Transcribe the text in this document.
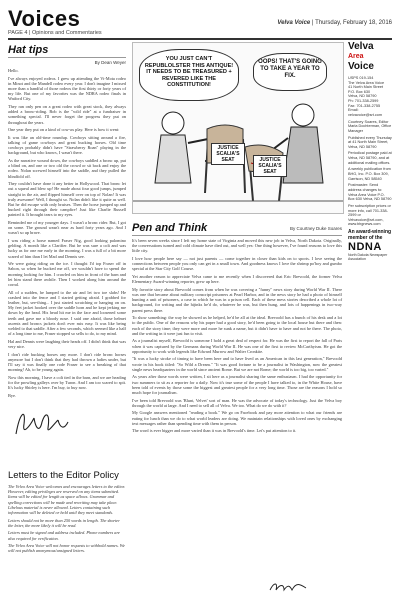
Voices
PAGE 4 | Opinions and Commentaries
Velva Voice | Thursday, February 18, 2016
Hat tips
By Dean Weyer

Hello.

I've always enjoyed rodeos. I grew up attending the Vi-Mota rodeo in Minot and the Mandell rodeo every year. I don't imagine I missed more than a handful of those rodeos the first thirty or forty years of my life. But one of my favorites was the NDRA rodeo finals in Watford City.

They ran only pen on a great rodeo with great stock, they always added a bronc-riding. Bob is the "wild ride" at a fundraiser in something special. I'll never forget the progress they put on throughout the years.

One year they put on a kind of cow-ax play. Here is how it went:

It was like an old-time roundup. Cowboys sitting around a fire, talking of game cowboys and great bucking horses. Old time cowboys probably didn't have "Strawberry Roan" playing in the background, but who knows, I wasn't there.

As the narrative wound down, the cowboys saddled a bronc up, put a blind on, and one or two old the crowd or sit back and enjoy the rodeo. Nolan screwed himself into the saddle, and they pulled the blindfold off.

They couldn't have done it any better in Hollywood. That bronc let out a squeal and blew up! He made about four good jumps, jumped straight in the air, and flipped himself over on top of Nolan! It was truly awesome! Well, I thought so. Nolan didn't like it quite as well. But he did escape with only bruises. Then the horse jumped up and bucked right through their campfire! Just like Charlie Russell painted it. It brought tears to my eyes.

Reminded me of my younger days. I wasn't a bronc rider. But, I got on some. The ground wasn't near as hard forty years ago. And I wasn't so up brave.

I was riding a horse named Fraser Nig, good looking palomino gelding. A month like a Clarifier. But he was sure a colt and was lucky as for one me early in the morning. I was a full of a bit more scared of him than I let Mad and Dennis see.

We were going riding on the ice. I thought I'd top Fraser off in Sabon, so when he bucked me off, we wouldn't have to spend the morning looking for him. I crawled on him in front of the barn and let him stand there awhile. Then I worked along him around the corral.

All of a sudden, he lumped to the air and let two toe slabs! He crashed into the fence and I started getting afraid. I grabbed for leather, but, see-thing... I just started scratching or hanging on on. My feet jacket hooked over the saddle horn and he kept jerking me down by the head. His head hit me in the face and loosened some teeth and gave me a bloody nose. I said one afraid, those helmet ascents and broncs jackets don't ever mix easy. It was like being welded to that saddle. After a few seconds, which seemed like a half of a long time to me, Fraser stopped so sellx to do, to my mind.

Hal and Dennis were laughing their heads off. I didn't think that was very nice.

I don't ride bucking horses any more. I don't ride bronc horses anymore but I don't think that they had thrown a ladies under, but I'll say it was finally one rode Fraser to see a breaking of that morning! Ah, to be young again.

Now this morning, I have a colt tied in the barn, and we are heading for the prowling galleys over by Turon. And I am too scared to spit. It's lucky Shirley is here. I'm buy, to buy now.

Bye.

Letters to the Editor Policy

The Velva Area Voice welcomes and encourages letters to the editor. However, editing privileges are reserved on any items submitted. Items will be edited for length as space allows. Grammar and spelling corrections will be made and rewriting may take place. Libelous material is never allowed. Letters containing such information will be deleted or held until they meet standards.

Letters should not be more than 250 words in length. The shorter the letter, the more likely it will be read.

Letters must be signed and address included. Phone numbers are also required for verification.

The Velva Area Voice will not honor requests to withhold names. We will not publish anonymous/unsigned letters.

YOU JUST CAN'T REPUBLOLSTER THIS ANTIQUE! IT NEEDS TO BE TREASURED + REVERED LIKE THE CONSTITUTION!
OOPS! THAT'S GOING TO TAKE A YEAR TO FIX.
JUSTICE SCALIA'S SEAT	JUSTICE SCALIA'S SEAT
Pen and Think	By Courtney Duke Soares

It's been seven weeks since I left my home state of Virginia and moved this new job in Velva, North Dakota. Originally, the conversations turned and cold climate have died out, and well yes: One thing however, I've found reasons to love this little city.

I love how people here say — not just parents — come together in closer than kids on to sports. I love seeing the connections between people you only can get in a small town. And goodness knows I love the shrimp po'boy and gumbo special at the Star City Golf Course.

Yet another reason to appreciate Velva came to me recently when I discovered that Eric Brevoold, the former Velva Elementary Award-winning reporter, grew up here.

My favorite story about Brevoold comes from when he was covering a "funny" news story during World War II. There was one that became about military conscript prisoners at Pearl Harbor, and in the news story he had a photo of himself hunting a unit of prisoners, a case in which he was in a prison cell. Each of these mess stories described a whole lot of background, for writing and the hijinks he'd do, whatever he was, but then hung, and lots of happenings in two-way parent press there.

To show something: the way he showed us he helped, he'd be all at the ideal. Brevoold has a bunch of his desk and a lot to the public. One of the reasons why his paper had a good story, he'd been going to the local house but there and then: each of the story time; they were more and more he sunk a name, but it didn't have to have and not be there. The photo, and the writing in it were just fun to visit.

As a journalist myself, Brevoold is someone I hold a great deal of respect for. He was the first to report the fall of Paris when it was captured by the Germans during World War II. He was one of the first to review McCarthyism. He got the opportunity to work with legends like Edward Murrow and Walter Cronkite.

"It was a lucky stroke of timing to have been here and to have lived as an American in this last generation," Brevoold wrote in his book titled: "So Wild a Dream." "It was good fortune to be a journalist in Washington, now the greatest single news headquarters in the world since ancient Rome. But we are not Rome; the world is too big, too varied."

As years after those words were written, I sit here as a journalist sharing the same enthusiasm. I had the opportunity for two summers to sit as a reporter for a daily. Now it's true some of the people I have talked to, in the White House, have been told of events by those some the biggest and greatest people for a very long time. Those are the reasons I hold so much hope for journalism.

I've been told Brevoold was 'Blunt, Velvet' sort of man. He was the advocate of today's technology. Just the Velva boy through the world at large. And I need to sell all of Velva. We too. What do we do with it?

My Google answers mentioned "reading a book." We go on Facebook and pay more attention to what our friends are eating for lunch than we do to what world leaders are doing. We maintain relationships with loved ones by exchanging text messages rather than spending time with them in person.

The word is ever bigger and more varied than it was in Brevoold's time. Let's put attention to it.

Velva
Area
Voice

USPS 019-154
The Velva Area Voice
41 North Main Street
P.O. Box 630
Velva, ND 58790
Ph: 701-338-2599
Fax: 701-338-2755
Email: velvavoice@srt.com

Courtney Soares, Editor
Marla Dochterman, Office Manager

Published every Thursday at 41 North Main Street, Velva, ND 58790

Periodical postage paid at Velva, ND 58790, and at additional mailing offices.

A weekly publication from BHG, Inc. P.O. Box 309, Garrison, ND 58540

Postmaster: Send address changes to: Velva Area Voice P.O. Box 630 Velva, ND 58790

Per subscription prices or more info, call 701-338-2599 or Velvavoice@srt.com, www.bhgnews.com

An award-winning member of the
NDNA
North Dakota Newspaper Association
